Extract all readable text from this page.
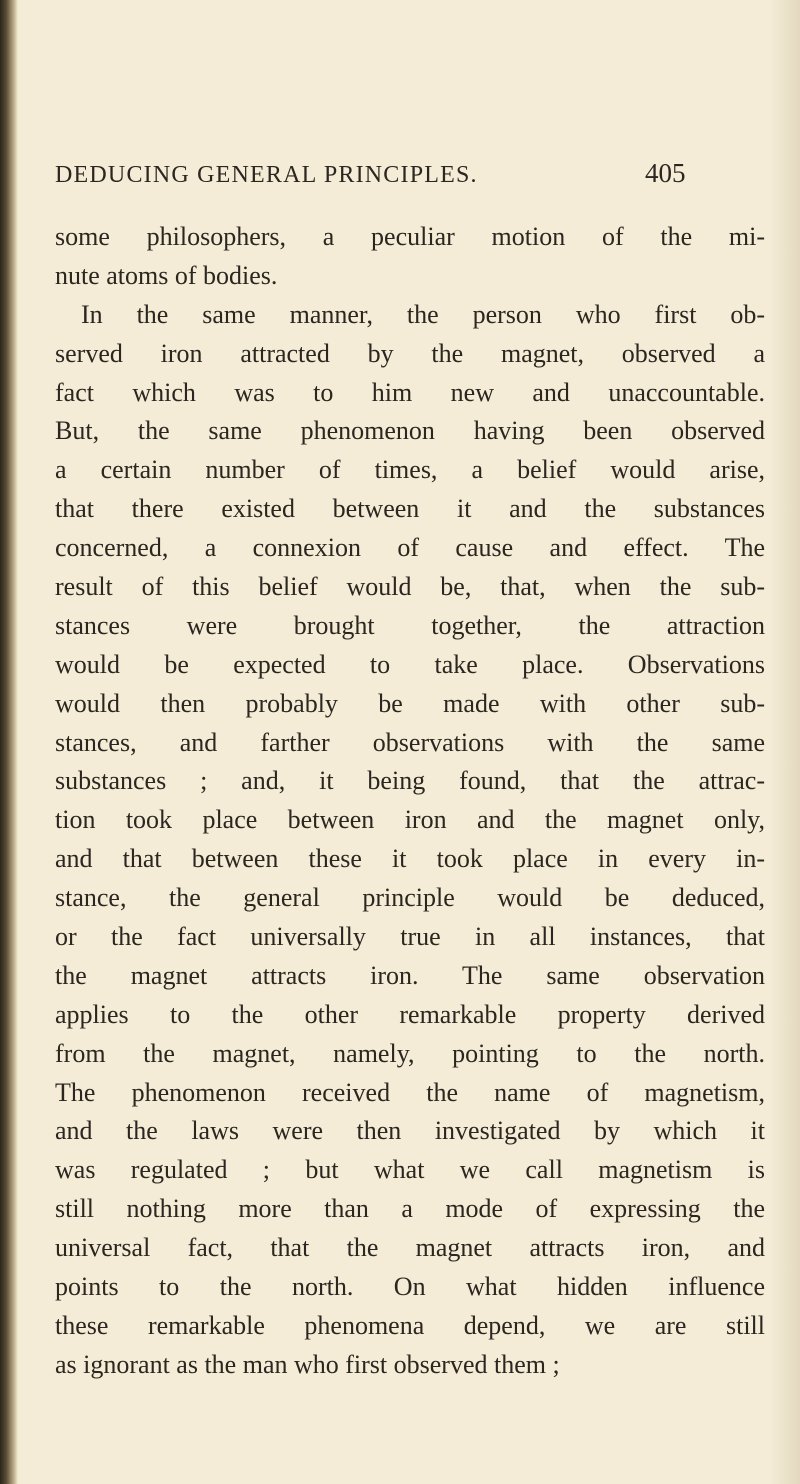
DEDUCING GENERAL PRINCIPLES.	405
some philosophers, a peculiar motion of the mi-
nute atoms of bodies.
In the same manner, the person who first ob-
served iron attracted by the magnet, observed a
fact which was to him new and unaccountable.
But, the same phenomenon having been observed
a certain number of times, a belief would arise,
that there existed between it and the substances
concerned, a connexion of cause and effect. The
result of this belief would be, that, when the sub-
stances were brought together, the attraction
would be expected to take place. Observations
would then probably be made with other sub-
stances, and farther observations with the same
substances ; and, it being found, that the attrac-
tion took place between iron and the magnet only,
and that between these it took place in every in-
stance, the general principle would be deduced,
or the fact universally true in all instances, that
the magnet attracts iron. The same observation
applies to the other remarkable property derived
from the magnet, namely, pointing to the north.
The phenomenon received the name of magnetism,
and the laws were then investigated by which it
was regulated ; but what we call magnetism is
still nothing more than a mode of expressing the
universal fact, that the magnet attracts iron, and
points to the north. On what hidden influence
these remarkable phenomena depend, we are still
as ignorant as the man who first observed them ;
